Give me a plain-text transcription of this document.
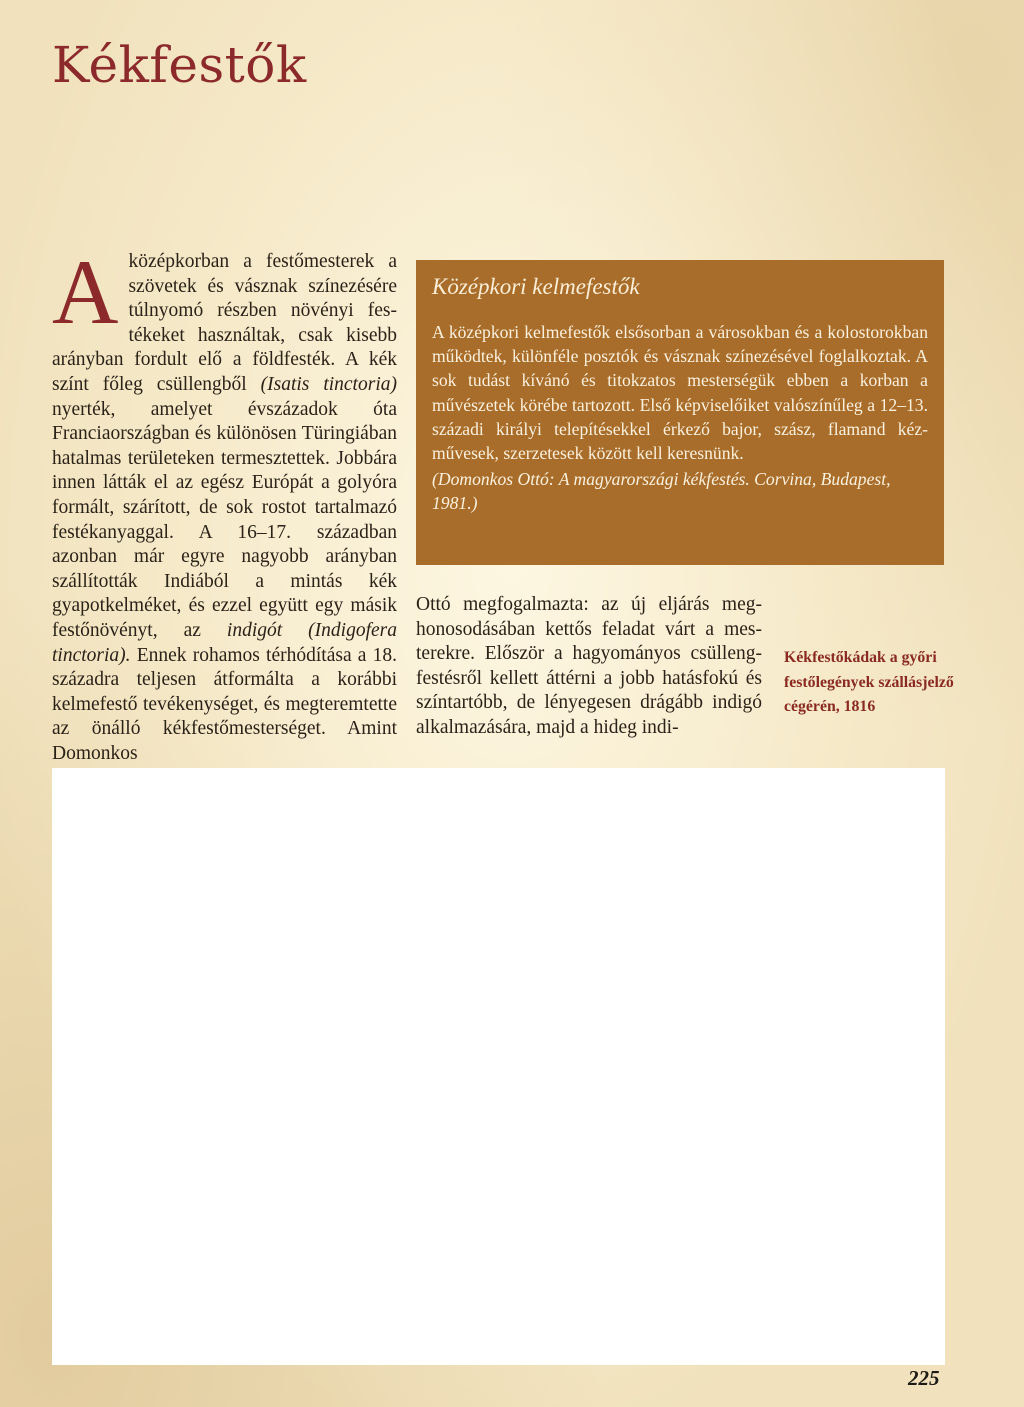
Kékfestők

A középkorban a festőmesterek a szövetek és vásznak színezésére túlnyomó részben növényi festékeket használtak, csak kisebb arányban fordult elő a földfesték. A kék színt főleg csüllengből (Isatis tinctoria) nyerték, amelyet évszázadok óta Franciaországban és különösen Türingiában hatalmas területeken termesztettek. Jobbára innen látták el az egész Európát a golyóra formált, szárított, de sok rostot tartalmazó festékanyaggal. A 16–17. században azonban már egyre nagyobb arányban szállították Indiából a mintás kék gyapotkelméket, és ezzel együtt egy másik festőnövényt, az indigót (Indigofera tinctoria). Ennek rohamos térhódítása a 18. századra teljesen átformálta a korábbi kelmefestő tevékenységet, és megteremtette az önálló kékfestőmesterséget. Amint Domonkos

Középkori kelmefestők

A középkori kelmefestők elsősorban a városokban és a kolostorokban működtek, különféle posztók és vásznak színezésével foglalkoztak. A sok tudást kívánó és titokzatos mesterségük ebben a korban a művészetek körébe tartozott. Első képviselőiket valószínűleg a 12–13. századi királyi telepítésekkel érkező bajor, szász, flamand kézművesek, szerzetesek között kell keresnünk.

(Domonkos Ottó: A magyarországi kékfestés. Corvina, Budapest, 1981.)

Ottó megfogalmazta: az új eljárás meghonosodásában kettős feladat várt a mesterekre. Először a hagyományos csüllengfestésről kellett áttérni a jobb hatásfokú és színtartóbb, de lényegesen drágább indigó alkalmazására, majd a hideg indi-

Kékfestőkádak a győri festőlegények szállásjelző cégérén, 1816

225
